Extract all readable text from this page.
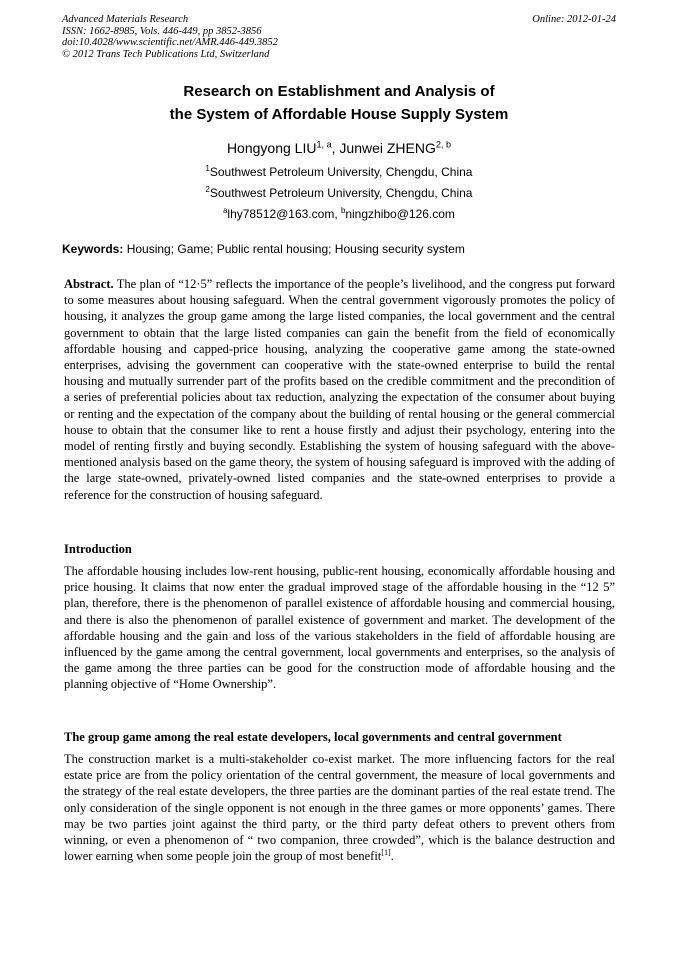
Advanced Materials Research
ISSN: 1662-8985, Vols. 446-449, pp 3852-3856
doi:10.4028/www.scientific.net/AMR.446-449.3852
© 2012 Trans Tech Publications Ltd, Switzerland
Online: 2012-01-24
Research on Establishment and Analysis of
the System of Affordable House Supply System
Hongyong LIU$^{1, a}$, Junwei ZHENG$^{2, b}$
$^1$Southwest Petroleum University, Chengdu, China
$^2$Southwest Petroleum University, Chengdu, China
$^a$lhy78512@163.com, $^b$ningzhibo@126.com
Keywords: Housing; Game; Public rental housing; Housing security system
Abstract. The plan of “12·5” reflects the importance of the people’s livelihood, and the congress put forward to some measures about housing safeguard. When the central government vigorously promotes the policy of housing, it analyzes the group game among the large listed companies, the local government and the central government to obtain that the large listed companies can gain the benefit from the field of economically affordable housing and capped-price housing, analyzing the cooperative game among the state-owned enterprises, advising the government can cooperative with the state-owned enterprise to build the rental housing and mutually surrender part of the profits based on the credible commitment and the precondition of a series of preferential policies about tax reduction, analyzing the expectation of the consumer about buying or renting and the expectation of the company about the building of rental housing or the general commercial house to obtain that the consumer like to rent a house firstly and adjust their psychology, entering into the model of renting firstly and buying secondly. Establishing the system of housing safeguard with the above-mentioned analysis based on the game theory, the system of housing safeguard is improved with the adding of the large state-owned, privately-owned listed companies and the state-owned enterprises to provide a reference for the construction of housing safeguard.
Introduction
The affordable housing includes low-rent housing, public-rent housing, economically affordable housing and price housing. It claims that now enter the gradual improved stage of the affordable housing in the “12 5” plan, therefore, there is the phenomenon of parallel existence of affordable housing and commercial housing, and there is also the phenomenon of parallel existence of government and market. The development of the affordable housing and the gain and loss of the various stakeholders in the field of affordable housing are influenced by the game among the central government, local governments and enterprises, so the analysis of the game among the three parties can be good for the construction mode of affordable housing and the planning objective of “Home Ownership”.
The group game among the real estate developers, local governments and central government
The construction market is a multi-stakeholder co-exist market. The more influencing factors for the real estate price are from the policy orientation of the central government, the measure of local governments and the strategy of the real estate developers, the three parties are the dominant parties of the real estate trend. The only consideration of the single opponent is not enough in the three games or more opponents’ games. There may be two parties joint against the third party, or the third party defeat others to prevent others from winning, or even a phenomenon of “ two companion, three crowded”, which is the balance destruction and lower earning when some people join the group of most benefit[1].
